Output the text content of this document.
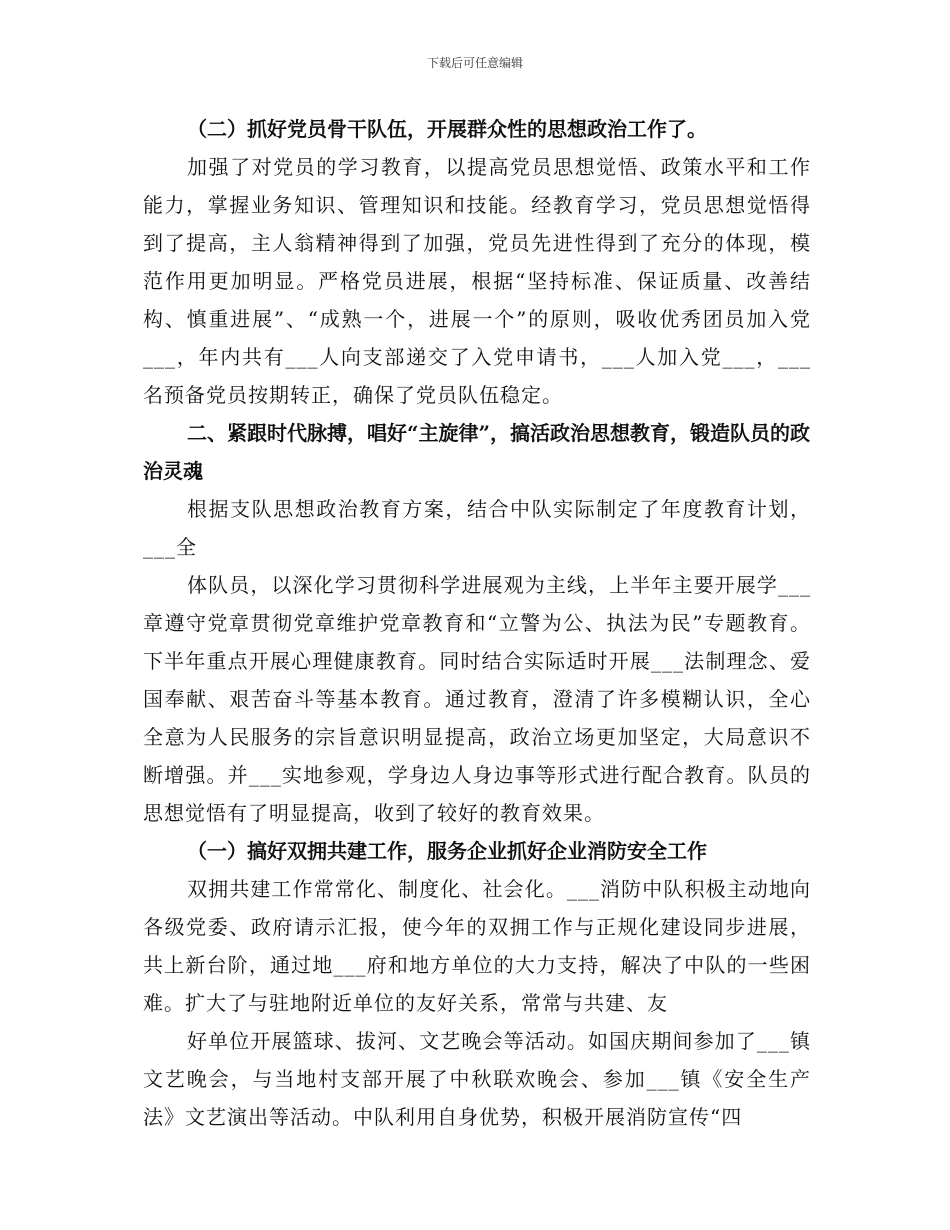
下载后可任意编辑

（二）抓好党员骨干队伍，开展群众性的思想政治工作了。

加强了对党员的学习教育，以提高党员思想觉悟、政策水平和工作能力，掌握业务知识、管理知识和技能。经教育学习，党员思想觉悟得到了提高，主人翁精神得到了加强，党员先进性得到了充分的体现，模范作用更加明显。严格党员进展，根据“坚持标准、保证质量、改善结构、慎重进展”、“成熟一个，进展一个”的原则，吸收优秀团员加入党___，年内共有___人向支部递交了入党申请书，___人加入党___，___名预备党员按期转正，确保了党员队伍稳定。

二、紧跟时代脉搏，唱好“主旋律”，搞活政治思想教育，锻造队员的政治灵魂

根据支队思想政治教育方案，结合中队实际制定了年度教育计划，___全

体队员，以深化学习贯彻科学进展观为主线，上半年主要开展学___章遵守党章贯彻党章维护党章教育和“立警为公、执法为民”专题教育。下半年重点开展心理健康教育。同时结合实际适时开展___法制理念、爱国奉献、艰苦奋斗等基本教育。通过教育，澄清了许多模糊认识，全心全意为人民服务的宗旨意识明显提高，政治立场更加坚定，大局意识不断增强。并___实地参观，学身边人身边事等形式进行配合教育。队员的思想觉悟有了明显提高，收到了较好的教育效果。

（一）搞好双拥共建工作，服务企业抓好企业消防安全工作

双拥共建工作常常化、制度化、社会化。___消防中队积极主动地向各级党委、政府请示汇报，使今年的双拥工作与正规化建设同步进展，共上新台阶，通过地___府和地方单位的大力支持，解决了中队的一些困难。扩大了与驻地附近单位的友好关系，常常与共建、友

好单位开展篮球、拔河、文艺晚会等活动。如国庆期间参加了___镇文艺晚会，与当地村支部开展了中秋联欢晚会、参加___镇《安全生产法》文艺演出等活动。中队利用自身优势，积极开展消防宣传“四
